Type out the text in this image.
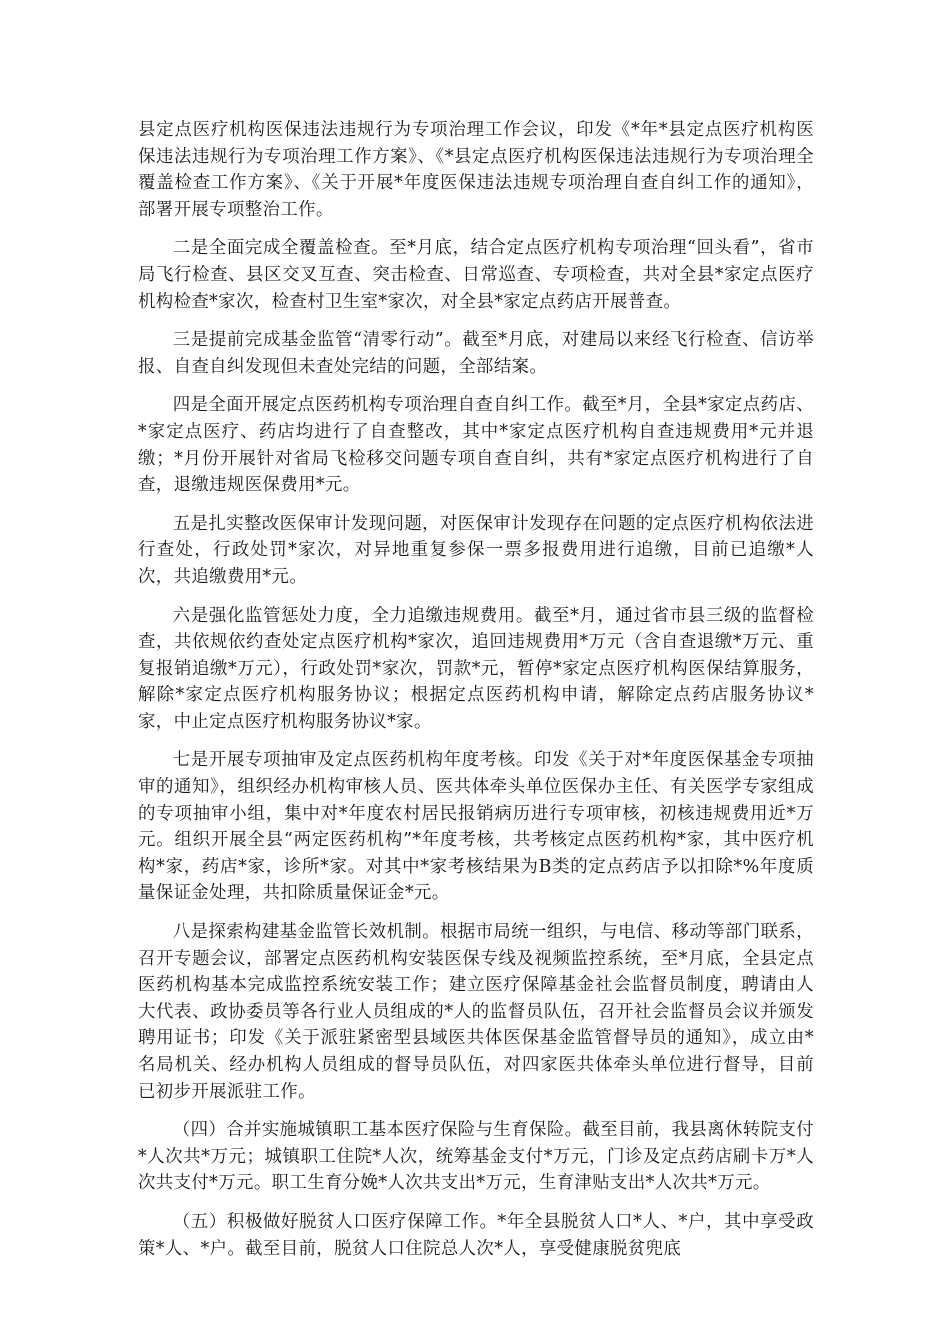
县定点医疗机构医保违法违规行为专项治理工作会议，印发《*年*县定点医疗机构医保违法违规行为专项治理工作方案》、《*县定点医疗机构医保违法违规行为专项治理全覆盖检查工作方案》、《关于开展*年度医保违法违规专项治理自查自纠工作的通知》，部署开展专项整治工作。

二是全面完成全覆盖检查。至*月底，结合定点医疗机构专项治理“回头看”，省市局飞行检查、县区交叉互查、突击检查、日常巡查、专项检查，共对全县*家定点医疗机构检查*家次，检查村卫生室*家次，对全县*家定点药店开展普查。

三是提前完成基金监管“清零行动”。截至*月底，对建局以来经飞行检查、信访举报、自查自纠发现但未查处完结的问题，全部结案。

四是全面开展定点医药机构专项治理自查自纠工作。截至*月，全县*家定点药店、*家定点医疗、药店均进行了自查整改，其中*家定点医疗机构自查违规费用*元并退缴；*月份开展针对省局飞检移交问题专项自查自纠，共有*家定点医疗机构进行了自查，退缴违规医保费用*元。

五是扎实整改医保审计发现问题，对医保审计发现存在问题的定点医疗机构依法进行查处，行政处罚*家次，对异地重复参保一票多报费用进行追缴，目前已追缴*人次，共追缴费用*元。

六是强化监管惩处力度，全力追缴违规费用。截至*月，通过省市县三级的监督检查，共依规依约查处定点医疗机构*家次，追回违规费用*万元（含自查退缴*万元、重复报销追缴*万元），行政处罚*家次，罚款*元，暂停*家定点医疗机构医保结算服务，解除*家定点医疗机构服务协议；根据定点医药机构申请，解除定点药店服务协议*家，中止定点医疗机构服务协议*家。

七是开展专项抽审及定点医药机构年度考核。印发《关于对*年度医保基金专项抽审的通知》，组织经办机构审核人员、医共体牵头单位医保办主任、有关医学专家组成的专项抽审小组，集中对*年度农村居民报销病历进行专项审核，初核违规费用近*万元。组织开展全县“两定医药机构”*年度考核，共考核定点医药机构*家，其中医疗机构*家，药店*家，诊所*家。对其中*家考核结果为B类的定点药店予以扣除*%年度质量保证金处理，共扣除质量保证金*元。

八是探索构建基金监管长效机制。根据市局统一组织，与电信、移动等部门联系，召开专题会议，部署定点医药机构安装医保专线及视频监控系统，至*月底，全县定点医药机构基本完成监控系统安装工作；建立医疗保障基金社会监督员制度，聘请由人大代表、政协委员等各行业人员组成的*人的监督员队伍，召开社会监督员会议并颁发聘用证书；印发《关于派驻紧密型县域医共体医保基金监管督导员的通知》，成立由*名局机关、经办机构人员组成的督导员队伍，对四家医共体牵头单位进行督导，目前已初步开展派驻工作。

（四）合并实施城镇职工基本医疗保险与生育保险。截至目前，我县离休转院支付*人次共*万元；城镇职工住院*人次，统筹基金支付*万元，门诊及定点药店刷卡万*人次共支付*万元。职工生育分娩*人次共支出*万元，生育津贴支出*人次共*万元。

（五）积极做好脱贫人口医疗保障工作。*年全县脱贫人口*人、*户，其中享受政策*人、*户。截至目前，脱贫人口住院总人次*人，享受健康脱贫兜底
